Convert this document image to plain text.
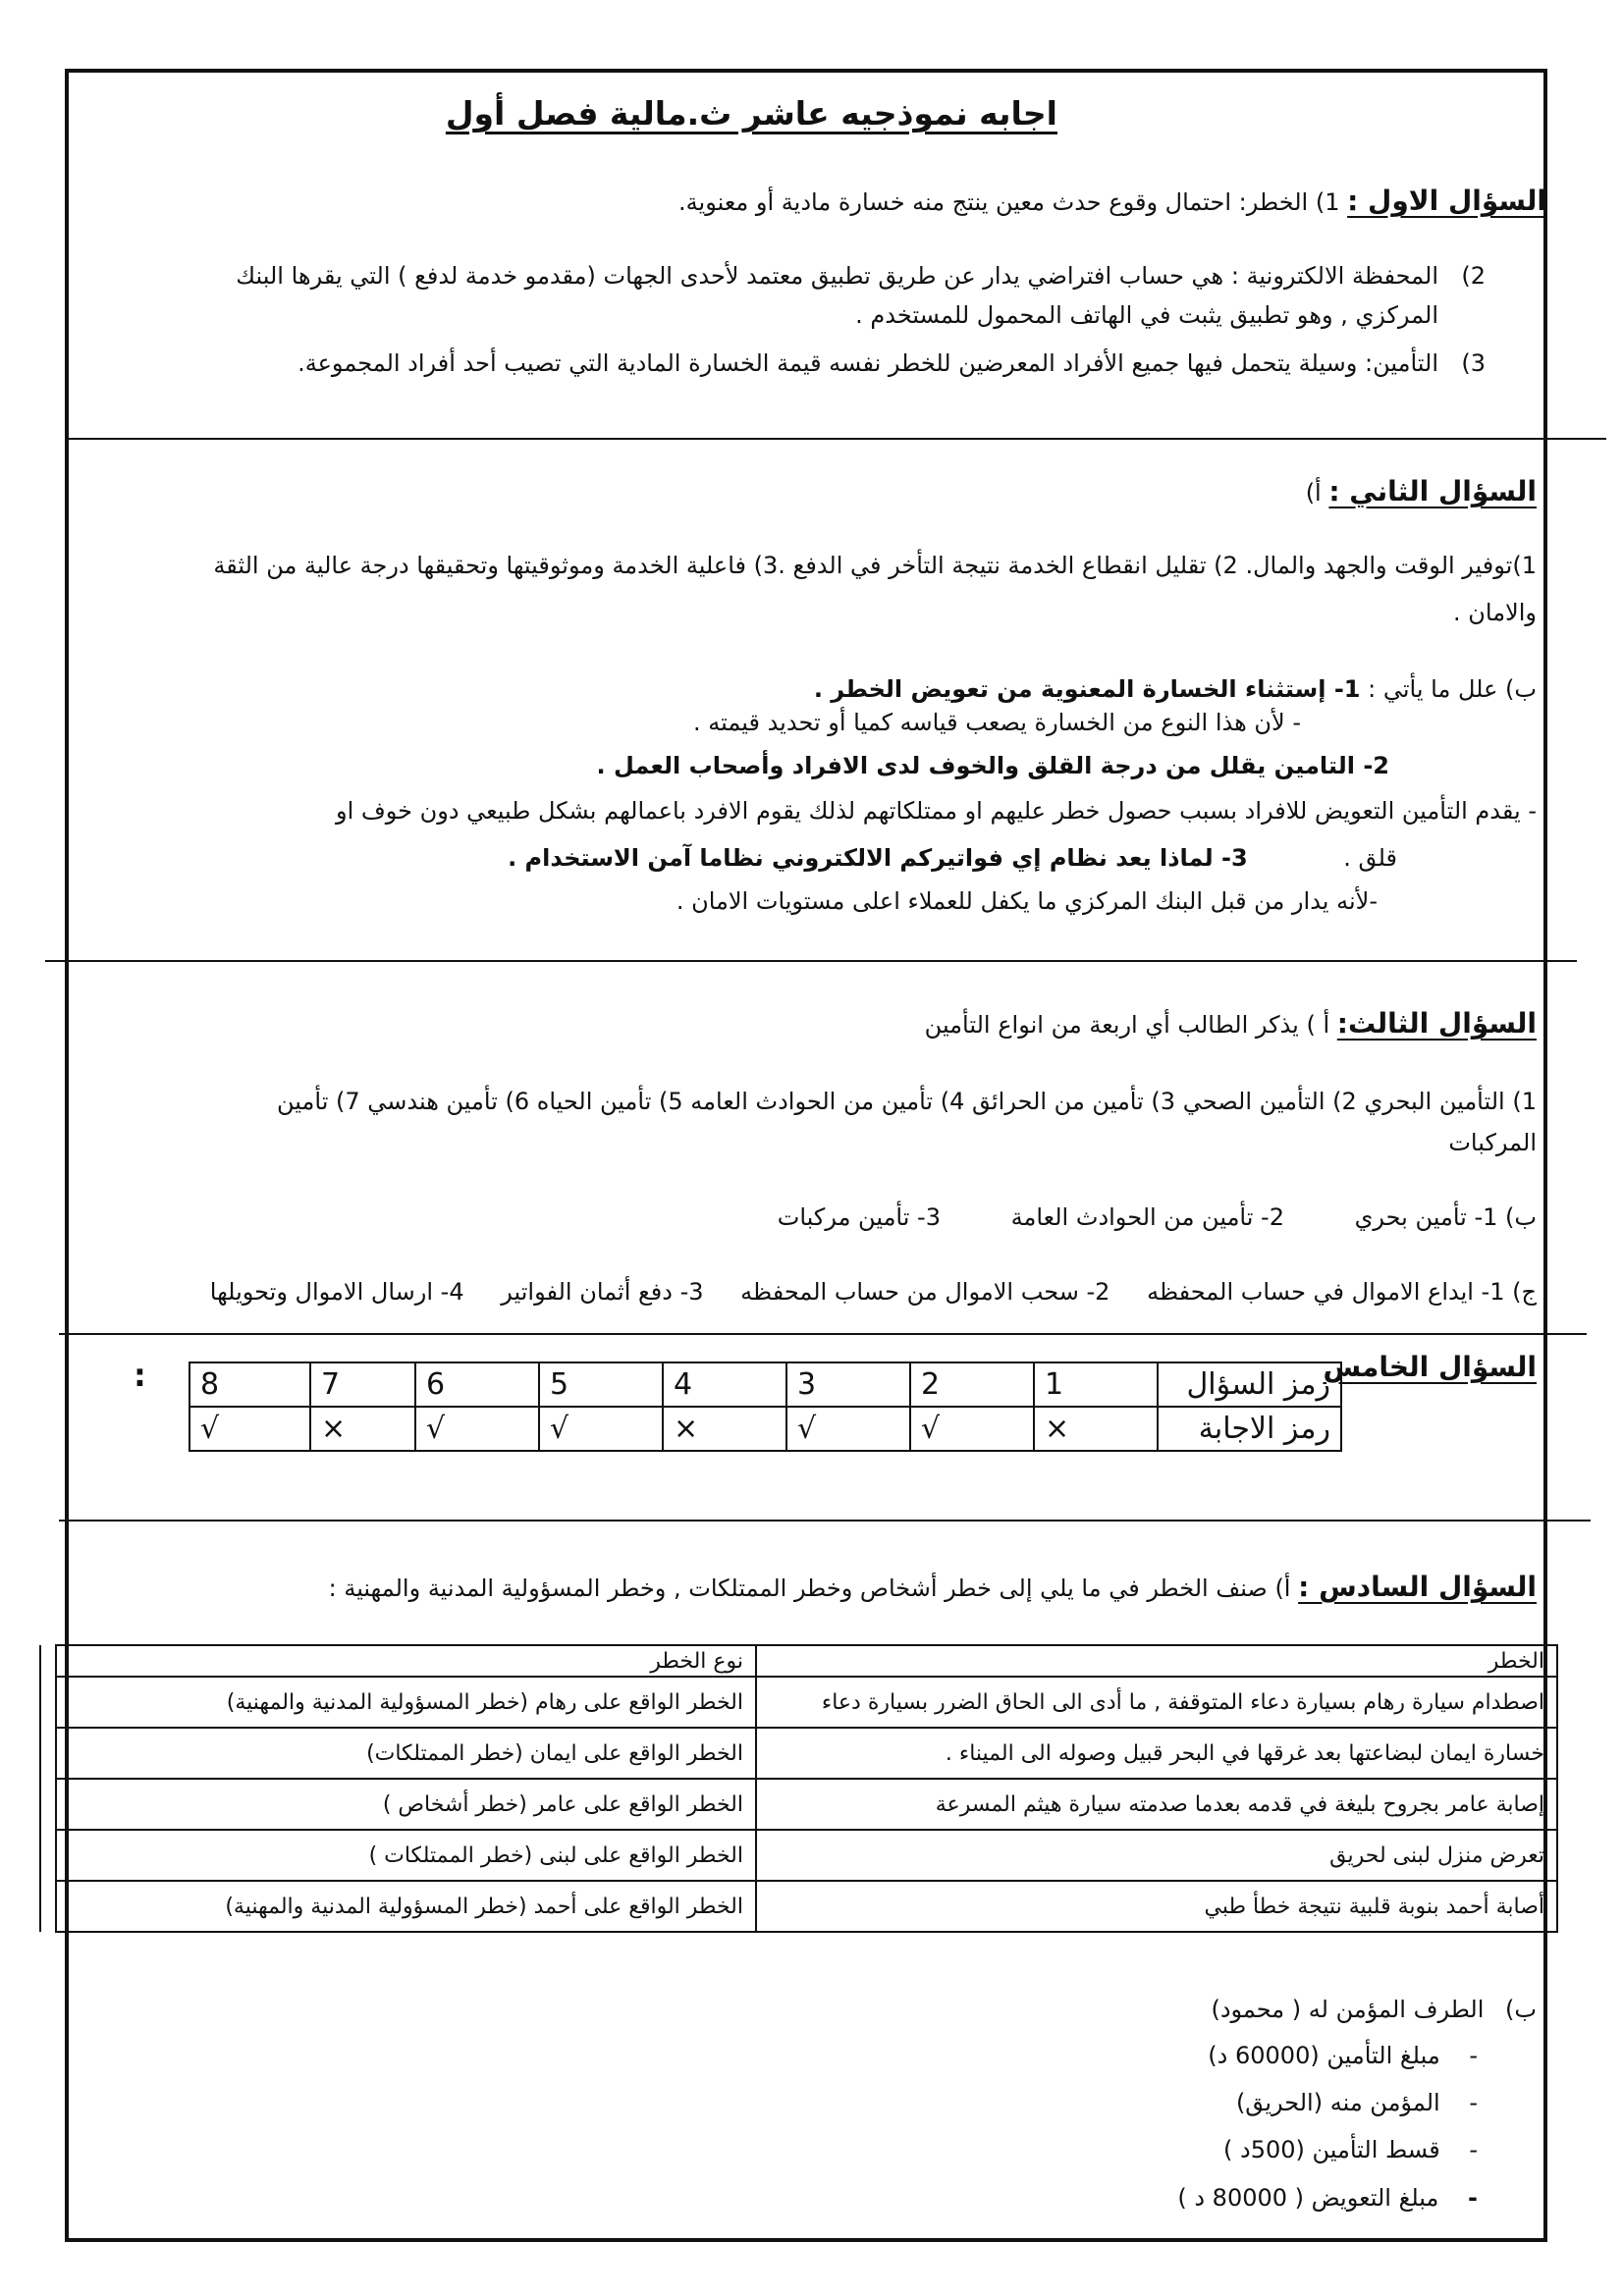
اجابه نموذجيه عاشر ث.مالية فصل أول
السؤال الاول : 1) الخطر: احتمال وقوع حدث معين ينتج منه خسارة مادية أو معنوية.
2)
المحفظة الالكترونية : هي حساب افتراضي يدار عن طريق تطبيق معتمد لأحدى الجهات (مقدمو خدمة لدفع ) التي يقرها البنك
المركزي , وهو تطبيق يثبت في الهاتف المحمول للمستخدم .
3)
التأمين: وسيلة يتحمل فيها جميع الأفراد المعرضين للخطر نفسه قيمة الخسارة المادية التي تصيب أحد أفراد المجموعة.
السؤال الثاني : أ)
1)توفير الوقت والجهد والمال. 2) تقليل انقطاع الخدمة نتيجة التأخر في الدفع .3) فاعلية الخدمة وموثوقيتها وتحقيقها درجة عالية من الثقة
والامان .
ب) علل ما يأتي : 1- إستثناء الخسارة المعنوية من تعويض الخطر .
- لأن هذا النوع من الخسارة يصعب قياسه كميا أو تحديد قيمته .
2- التامين يقلل من درجة القلق والخوف لدى الافراد وأصحاب العمل .
- يقدم التأمين التعويض للافراد بسبب حصول خطر عليهم او ممتلكاتهم لذلك يقوم الافرد باعمالهم بشكل طبيعي دون خوف او
قلق . 3- لماذا يعد نظام إي فواتيركم الالكتروني نظاما آمن الاستخدام .
-لأنه يدار من قبل البنك المركزي ما يكفل للعملاء اعلى مستويات الامان .
السؤال الثالث: أ ) يذكر الطالب أي اربعة من انواع التأمين
1) التأمين البحري 2) التأمين الصحي 3) تأمين من الحرائق 4) تأمين من الحوادث العامه 5) تأمين الحياه 6) تأمين هندسي 7) تأمين
المركبات
ب) 1- تأمين بحري 2- تأمين من الحوادث العامة 3- تأمين مركبات
ج) 1- ايداع الاموال في حساب المحفظه 2- سحب الاموال من حساب المحفظه 3- دفع أثمان الفواتير 4- ارسال الاموال وتحويلها
السؤال الخامس
:	رمز السؤال	1	2	3	4	5	6	7	8
رمز الاجابة	×	√	√	×	√	√	×	√
السؤال السادس : أ) صنف الخطر في ما يلي إلى خطر أشخاص وخطر الممتلكات , وخطر المسؤولية المدنية والمهنية :
الخطر	نوع الخطر	
اصطدام سيارة رهام بسيارة دعاء المتوقفة , ما أدى الى الحاق الضرر بسيارة دعاء	الخطر الواقع على رهام (خطر المسؤولية المدنية والمهنية)	
خسارة ايمان لبضاعتها بعد غرقها في البحر قبيل وصوله الى الميناء .	الخطر الواقع على ايمان (خطر الممتلكات)	
إصابة عامر بجروح بليغة في قدمه بعدما صدمته سيارة هيثم المسرعة	الخطر الواقع على عامر (خطر أشخاص )	
تعرض منزل لبنى لحريق	الخطر الواقع على لبنى (خطر الممتلكات )	
أصابة أحمد بنوبة قلبية نتيجة خطأ طبي	الخطر الواقع على أحمد (خطر المسؤولية المدنية والمهنية)	
ب) الطرف المؤمن له ( محمود)
- مبلغ التأمين (60000 د)
- المؤمن منه (الحريق)
- قسط التأمين (500د )
- مبلغ التعويض ( 80000 د )
